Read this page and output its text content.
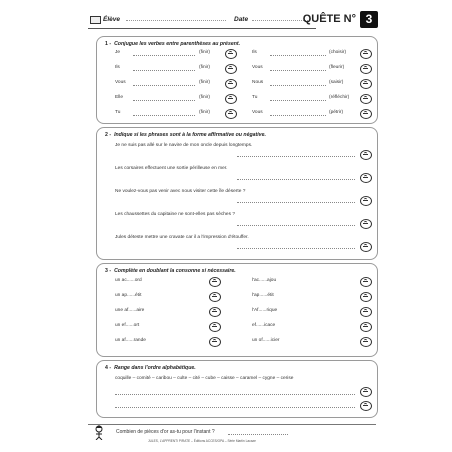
Élève	Date	QUÊTE N° 3
1 - Conjugue les verbes entre parenthèses au présent.
Je	(finir)	Ils	(choisir)
Ils	(finir)	Vous	(fleurir)
Vous	(finir)	Nous	(saisir)
Elle	(finir)	Tu	(réfléchir)
Tu	(finir)	Vous	(pétrir)
2 - Indique si les phrases sont à la forme affirmative ou négative.
Je ne suis pas allé sur le navire de mon oncle depuis longtemps.
Les corsaires effectuent une sortie périlleuse en mer.
Ne voulez-vous pas venir avec nous visiter cette île déserte ?
Les chaussettes du capitaine ne sont-elles pas sèches ?
Jules déteste mettre une cravate car il a l'impression d'étouffer.
3 - Complète en doublant la consonne si nécessaire.
un ac......ord	l'ac......ajou
un ap......étit	l'ap......étit
une af......aire	l'Af......rique
un ef......ort	ef......icace
un af......rande	un of......icier
4 - Range dans l'ordre alphabétique.
coquille – comité – caribou – culte – cité – cube – caisse – caramel – cygne – cerise
Combien de pièces d'or as-tu pour l'instant ?
JULES, L'APPRENTI PIRATE – Éditions ACCES/OPA – Série Martin Lacaze
